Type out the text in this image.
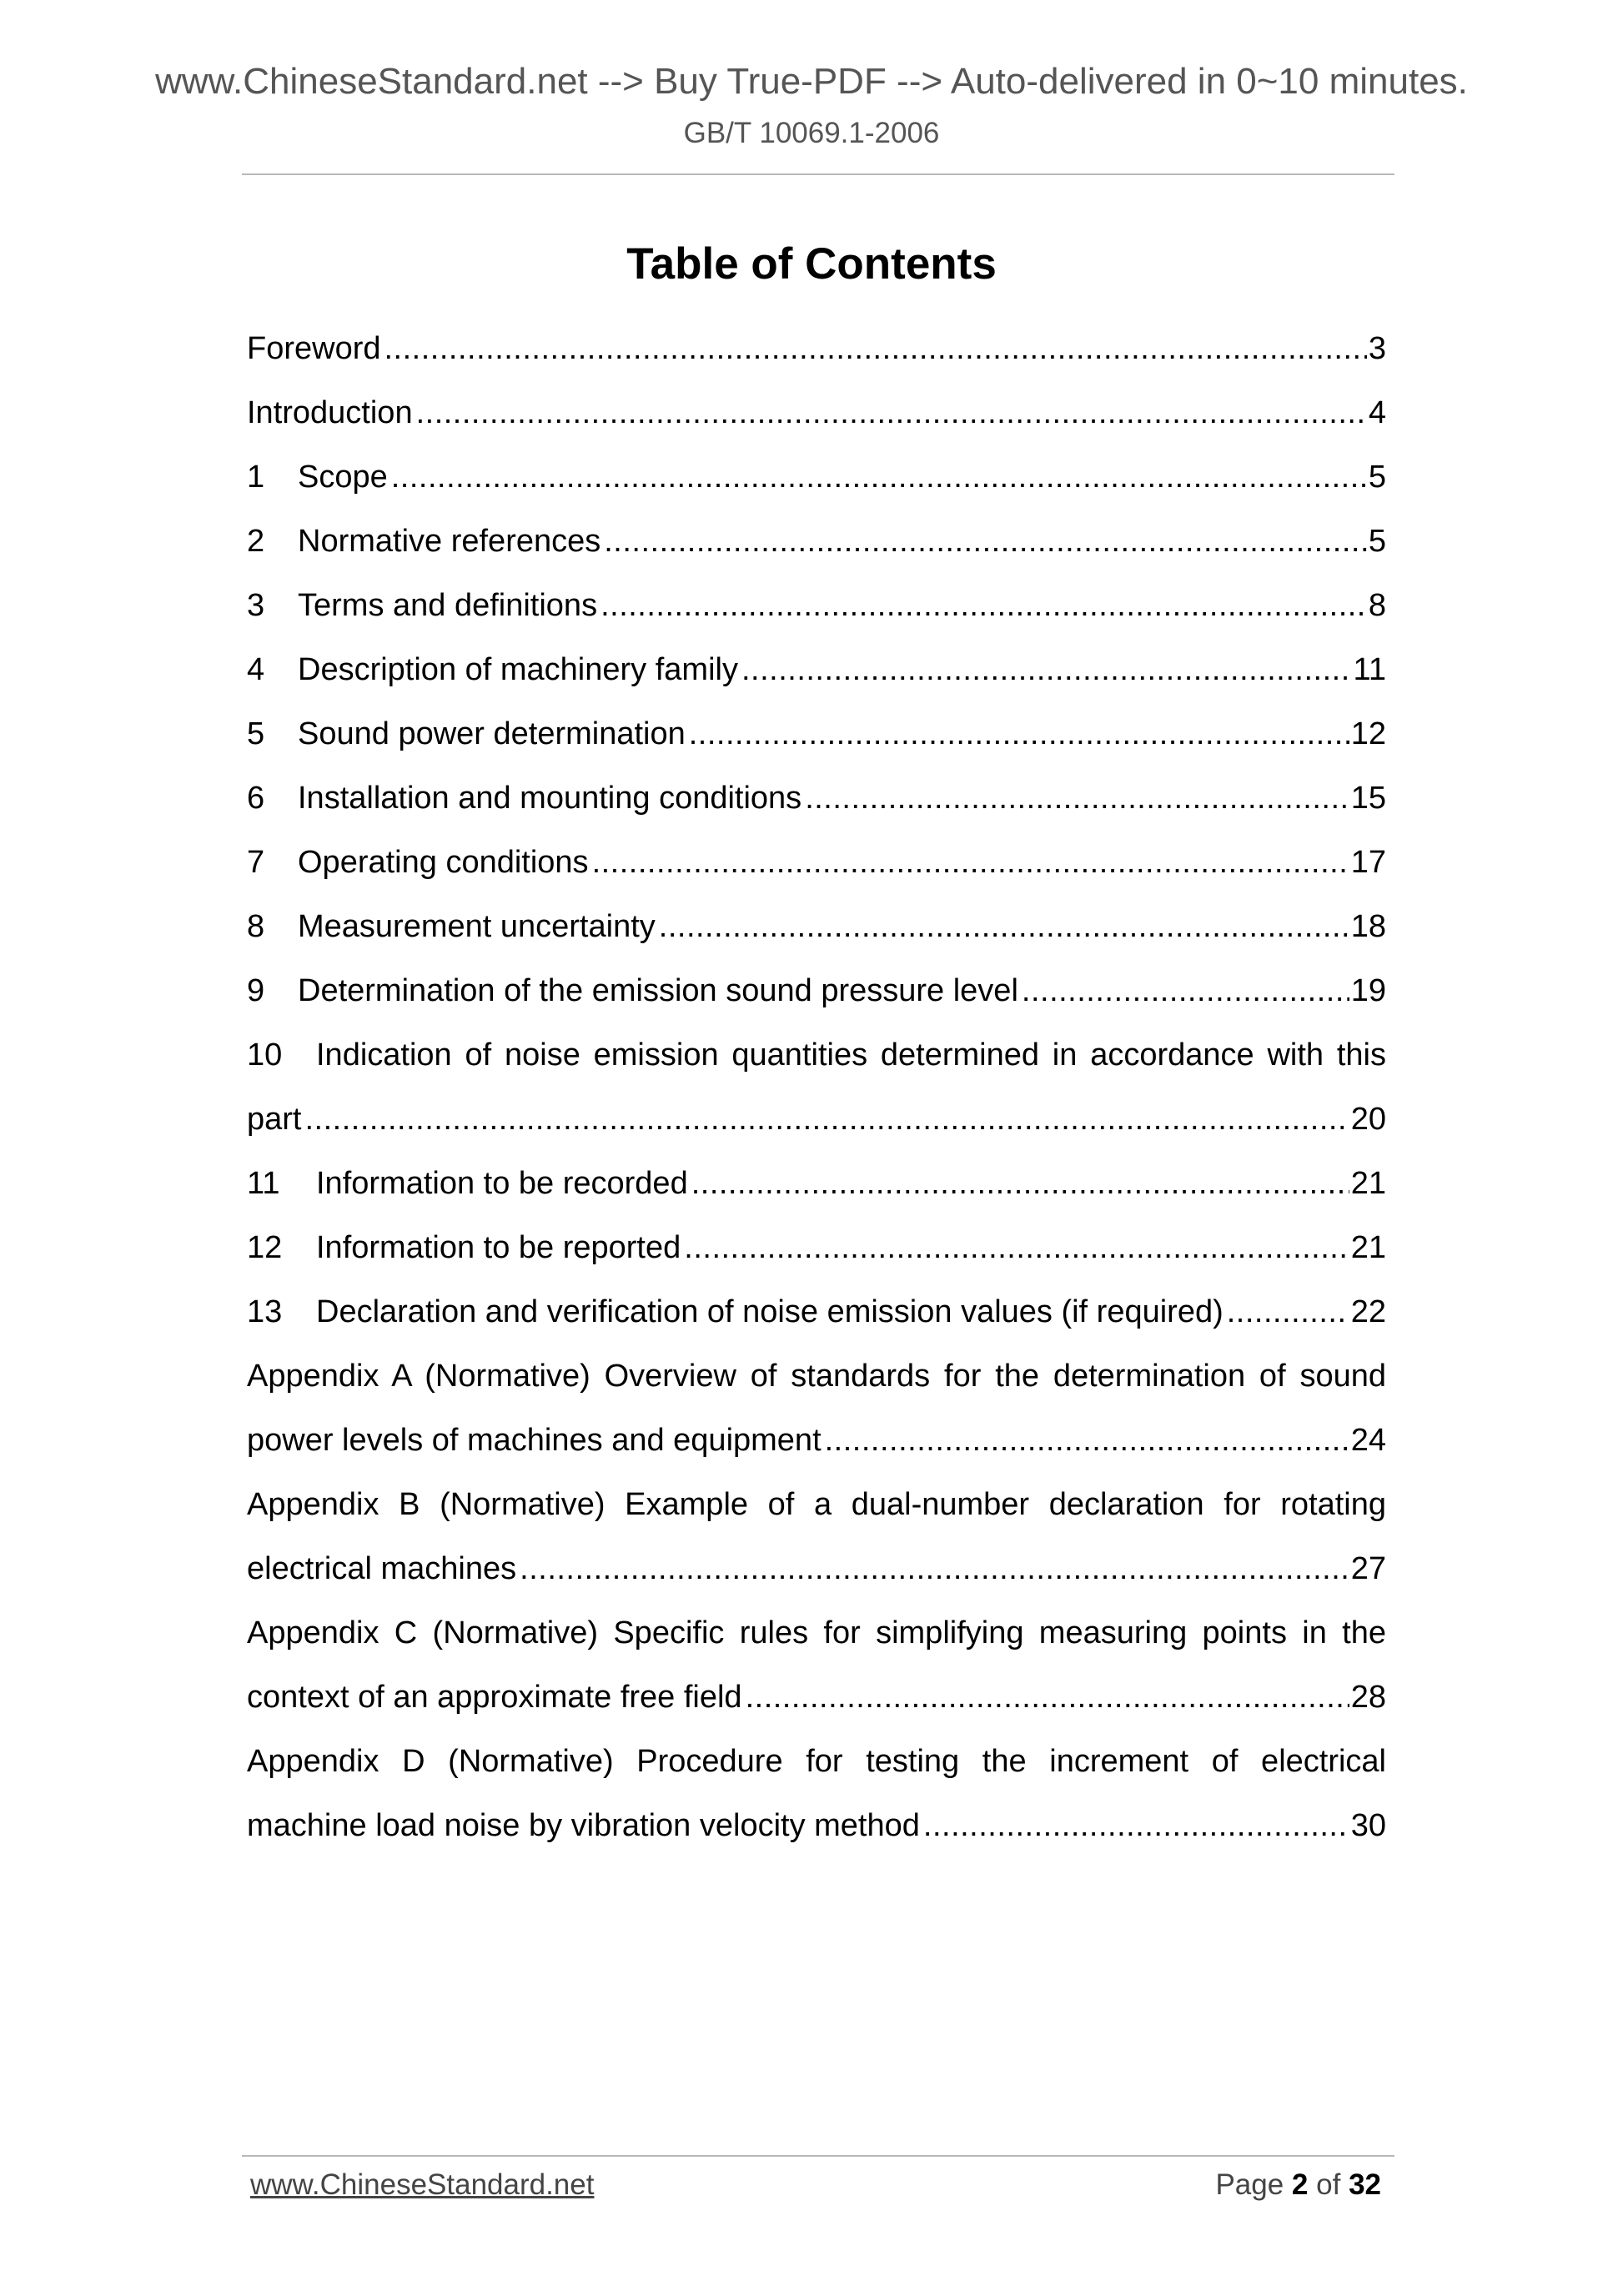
www.ChineseStandard.net --> Buy True-PDF --> Auto-delivered in 0~10 minutes.
GB/T 10069.1-2006
Table of Contents
Foreword .....	3
Introduction .....	4
1	Scope .....	5
2	Normative references .....	5
3	Terms and definitions .....	8
4	Description of machinery family .....	11
5	Sound power determination .....	12
6	Installation and mounting conditions .....	15
7	Operating conditions .....	17
8	Measurement uncertainty .....	18
9	Determination of the emission sound pressure level .....	19
10 Indication of noise emission quantities determined in accordance with this
part .....	20
11	Information to be recorded .....	21
12	Information to be reported .....	21
13	Declaration and verification of noise emission values (if required) .....	22
Appendix A (Normative) Overview of standards for the determination of sound
power levels of machines and equipment .....	24
Appendix B (Normative) Example of a dual-number declaration for rotating
electrical machines .....	27
Appendix C (Normative) Specific rules for simplifying measuring points in the
context of an approximate free field .....	28
Appendix D (Normative) Procedure for testing the increment of electrical
machine load noise by vibration velocity method .....	30
www.ChineseStandard.net	Page 2 of 32
